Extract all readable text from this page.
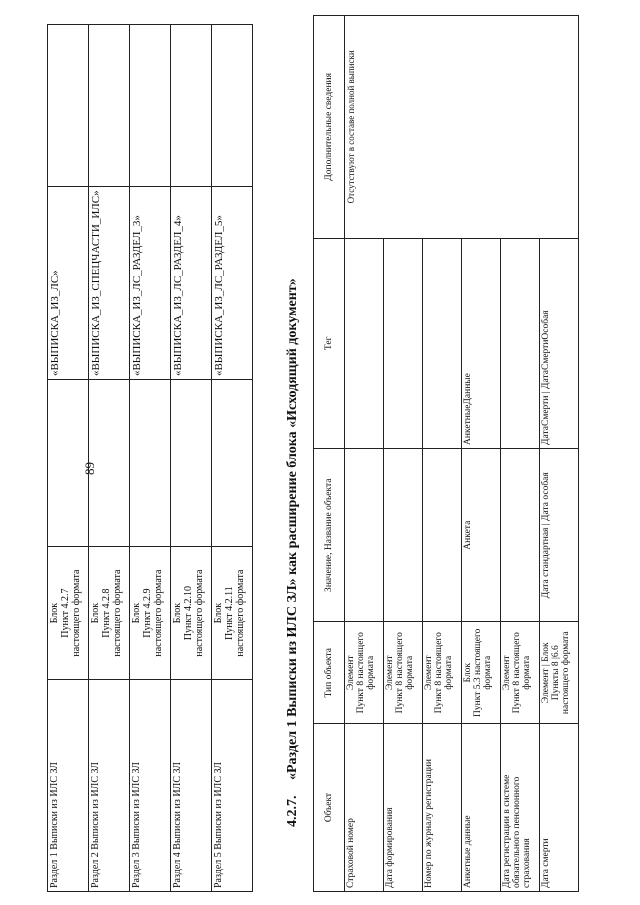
89
Раздел 1 Выписки из ИЛС ЗЛ	Блок Пункт 4.2.7 настоящего формата		«ВЫПИСКА_ИЗ_ЛС»	
Раздел 2 Выписки из ИЛС ЗЛ	Блок Пункт 4.2.8 настоящего формата		«ВЫПИСКА_ИЗ_СПЕЦЧАСТИ_ИЛС»	
Раздел 3 Выписки из ИЛС ЗЛ	Блок Пункт 4.2.9 настоящего формата		«ВЫПИСКА_ИЗ_ЛС_РАЗДЕЛ_3»	
Раздел 4 Выписки из ИЛС ЗЛ	Блок Пункт 4.2.10 настоящего формата		«ВЫПИСКА_ИЗ_ЛС_РАЗДЕЛ_4»	
Раздел 5 Выписки из ИЛС ЗЛ	Блок Пункт 4.2.11 настоящего формата		«ВЫПИСКА_ИЗ_ЛС_РАЗДЕЛ_5»	
4.2.7. «Раздел 1 Выписки из ИЛС ЗЛ» как расширение блока «Исходящий документ»
Объект	Тип объекта	Значение, Название объекта	Тег	Дополнительные сведения
Страховой номер	Элемент Пункт 8 настоящего формата			Отсутствуют в составе полной выписки
Дата формирования	Элемент Пункт 8 настоящего формата			

Номер по журналу регистрации	Элемент Пункт 8 настоящего формата			

Анкетные данные	Блок Пункт 5.3 настоящего формата	Анкета	АнкетныеДанные	
Дата регистрации в системе обязательного пенсионного страхования	Элемент Пункт 8 настоящего формата			

Дата смерти	Элемент | Блок Пункты 8 |6.6 настоящего формата	Дата стандартная | Дата особая	ДатаСмерти | ДатаСмертиОсобая	
